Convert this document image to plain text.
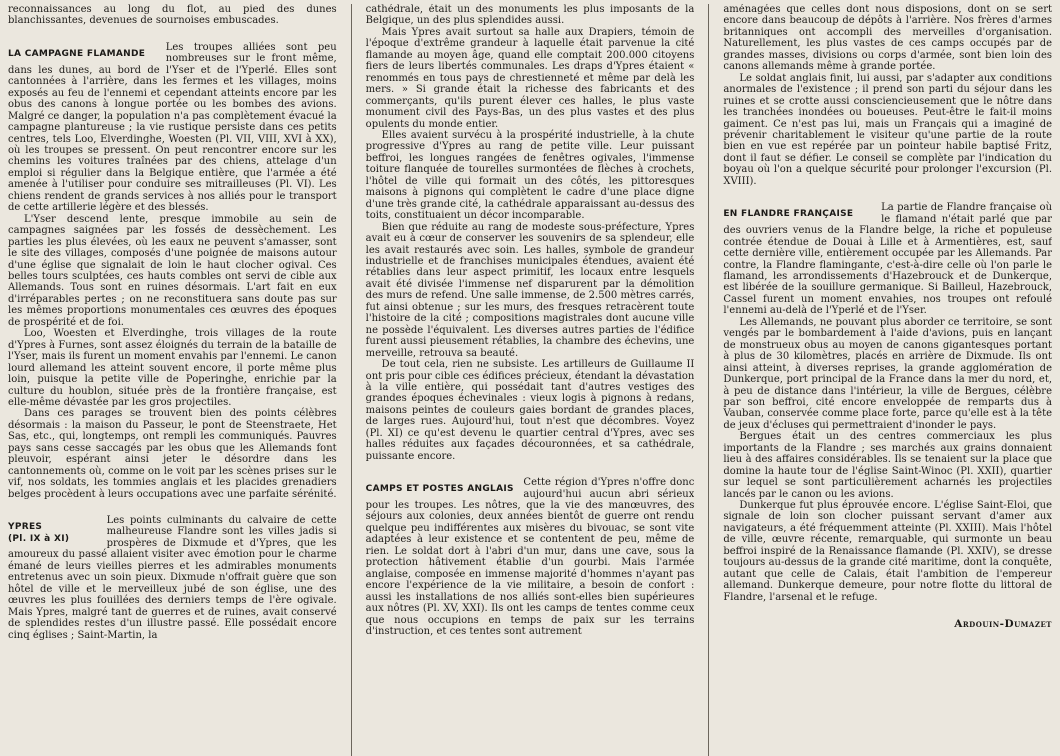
reconnaissances au long du flot, au pied des dunes blanchissantes, devenues de sournoises embuscades.

LA CAMPAGNE FLAMANDE

Les troupes alliées sont peu nombreuses sur le front même, dans les dunes, au bord de l'Yser et de l'Yperlé. Elles sont cantonnées à l'arrière, dans les fermes et les villages, moins exposés au feu de l'ennemi et cependant atteints encore par les obus des canons à longue portée ou les bombes des avions. Malgré ce danger, la population n'a pas complètement évacué la campagne plantureuse ; la vie rustique persiste dans ces petits centres, tels Loo, Elverdinghe, Woesten (Pl. VII, VIII, XVI à XX), où les troupes se pressent. On peut rencontrer encore sur les chemins les voitures traînées par des chiens, attelage d'un emploi si régulier dans la Belgique entière, que l'armée a été amenée à l'utiliser pour conduire ses mitrailleuses (Pl. VI). Les chiens rendent de grands services à nos alliés pour le transport de cette artillerie légère et des blessés.

L'Yser descend lente, presque immobile au sein de campagnes saignées par les fossés de dessèchement. Les parties les plus élevées, où les eaux ne peuvent s'amasser, sont le site des villages, composés d'une poignée de maisons autour d'une église que signalait de loin le haut clocher ogival. Ces belles tours sculptées, ces hauts combles ont servi de cible aux Allemands. Tous sont en ruines désormais. L'art fait en eux d'irréparables pertes ; on ne reconstituera sans doute pas sur les mêmes proportions monumentales ces œuvres des époques de prospérité et de foi.

Loo, Woesten et Elverdinghe, trois villages de la route d'Ypres à Furnes, sont assez éloignés du terrain de la bataille de l'Yser, mais ils furent un moment envahis par l'ennemi. Le canon lourd allemand les atteint souvent encore, il porte même plus loin, puisque la petite ville de Poperinghe, enrichie par la culture du houblon, située près de la frontière française, est elle-même dévastée par les gros projectiles.

Dans ces parages se trouvent bien des points célèbres désormais : la maison du Passeur, le pont de Steenstraete, Het Sas, etc., qui, longtemps, ont rempli les communiqués. Pauvres pays sans cesse saccagés par les obus que les Allemands font pleuvoir, espérant ainsi jeter le désordre dans les cantonnements où, comme on le voit par les scènes prises sur le vif, nos soldats, les tommies anglais et les placides grenadiers belges procèdent à leurs occupations avec une parfaite sérénité.

YPRES
(Pl. IX à XI)

Les points culminants du calvaire de cette malheureuse Flandre sont les villes jadis si prospères de Dixmude et d'Ypres, que les amoureux du passé allaient visiter avec émotion pour le charme émané de leurs vieilles pierres et les admirables monuments entretenus avec un soin pieux. Dixmude n'offrait guère que son hôtel de ville et le merveilleux jubé de son église, une des œuvres les plus fouillées des derniers temps de l'ère ogivale. Mais Ypres, malgré tant de guerres et de ruines, avait conservé de splendides restes d'un illustre passé. Elle possédait encore cinq églises ; Saint-Martin, la

cathédrale, était un des monuments les plus imposants de la Belgique, un des plus splendides aussi.

Mais Ypres avait surtout sa halle aux Drapiers, témoin de l'époque d'extrême grandeur à laquelle était parvenue la cité flamande au moyen âge, quand elle comptait 200.000 citoyens fiers de leurs libertés communales. Les draps d'Ypres étaient « renommés en tous pays de chrestienneté et même par delà les mers. » Si grande était la richesse des fabricants et des commerçants, qu'ils purent élever ces halles, le plus vaste monument civil des Pays-Bas, un des plus vastes et des plus opulents du monde entier.

Elles avaient survécu à la prospérité industrielle, à la chute progressive d'Ypres au rang de petite ville. Leur puissant beffroi, les longues rangées de fenêtres ogivales, l'immense toiture flanquée de tourelles surmontées de flèches à crochets, l'hôtel de ville qui formait un des côtés, les pittoresques maisons à pignons qui complètent le cadre d'une place digne d'une très grande cité, la cathédrale apparaissant au-dessus des toits, constituaient un décor incomparable.

Bien que réduite au rang de modeste sous-préfecture, Ypres avait eu à cœur de conserver les souvenirs de sa splendeur, elle les avait restaurés avec soin. Les halles, symbole de grandeur industrielle et de franchises municipales étendues, avaient été rétablies dans leur aspect primitif, les locaux entre lesquels avait été divisée l'immense nef disparurent par la démolition des murs de refend. Une salle immense, de 2.500 mètres carrés, fut ainsi obtenue ; sur les murs, des fresques retracèrent toute l'histoire de la cité ; compositions magistrales dont aucune ville ne possède l'équivalent. Les diverses autres parties de l'édifice furent aussi pieusement rétablies, la chambre des échevins, une merveille, retrouva sa beauté.

De tout cela, rien ne subsiste. Les artilleurs de Guillaume II ont pris pour cible ces édifices précieux, étendant la dévastation à la ville entière, qui possédait tant d'autres vestiges des grandes époques échevinales : vieux logis à pignons à redans, maisons peintes de couleurs gaies bordant de grandes places, de larges rues. Aujourd'hui, tout n'est que décombres. Voyez (Pl. XI) ce qu'est devenu le quartier central d'Ypres, avec ses halles réduites aux façades découronnées, et sa cathédrale, puissante encore.

CAMPS ET POSTES ANGLAIS

Cette région d'Ypres n'offre donc aujourd'hui aucun abri sérieux pour les troupes. Les nôtres, que la vie des manœuvres, des séjours aux colonies, deux années bientôt de guerre ont rendu quelque peu indifférentes aux misères du bivouac, se sont vite adaptées à leur existence et se contentent de peu, même de rien. Le soldat dort à l'abri d'un mur, dans une cave, sous la protection hâtivement établie d'un gourbi. Mais l'armée anglaise, composée en immense majorité d'hommes n'ayant pas encore l'expérience de la vie militaire, a besoin de confort : aussi les installations de nos alliés sont-elles bien supérieures aux nôtres (Pl. XV, XXI). Ils ont les camps de tentes comme ceux que nous occupions en temps de paix sur les terrains d'instruction, et ces tentes sont autrement

aménagées que celles dont nous disposions, dont on se sert encore dans beaucoup de dépôts à l'arrière. Nos frères d'armes britanniques ont accompli des merveilles d'organisation. Naturellement, les plus vastes de ces camps occupés par de grandes masses, divisions ou corps d'armée, sont bien loin des canons allemands même à grande portée.

Le soldat anglais finit, lui aussi, par s'adapter aux conditions anormales de l'existence ; il prend son parti du séjour dans les ruines et se crotte aussi consciencieusement que le nôtre dans les tranchées inondées ou boueuses. Peut-être le fait-il moins gaiment. Ce n'est pas lui, mais un Français qui a imaginé de prévenir charitablement le visiteur qu'une partie de la route bien en vue est repérée par un pointeur habile baptisé Fritz, dont il faut se défier. Le conseil se complète par l'indication du boyau où l'on a quelque sécurité pour prolonger l'excursion (Pl. XVIII).

EN FLANDRE FRANÇAISE

La partie de Flandre française où le flamand n'était parlé que par des ouvriers venus de la Flandre belge, la riche et populeuse contrée étendue de Douai à Lille et à Armentières, est, sauf cette dernière ville, entièrement occupée par les Allemands. Par contre, la Flandre flamingante, c'est-à-dire celle où l'on parle le flamand, les arrondissements d'Hazebrouck et de Dunkerque, est libérée de la souillure germanique. Si Bailleul, Hazebrouck, Cassel furent un moment envahies, nos troupes ont refoulé l'ennemi au-delà de l'Yperlé et de l'Yser.

Les Allemands, ne pouvant plus aborder ce territoire, se sont vengés par le bombardement à l'aide d'avions, puis en lançant de monstrueux obus au moyen de canons gigantesques portant à plus de 30 kilomètres, placés en arrière de Dixmude. Ils ont ainsi atteint, à diverses reprises, la grande agglomération de Dunkerque, port principal de la France dans la mer du nord, et, à peu de distance dans l'intérieur, la ville de Bergues, célèbre par son beffroi, cité encore enveloppée de remparts dus à Vauban, conservée comme place forte, parce qu'elle est à la tête de jeux d'écluses qui permettraient d'inonder le pays.

Bergues était un des centres commerciaux les plus importants de la Flandre ; ses marchés aux grains donnaient lieu à des affaires considérables. Ils se tenaient sur la place que domine la haute tour de l'église Saint-Winoc (Pl. XXII), quartier sur lequel se sont particulièrement acharnés les projectiles lancés par le canon ou les avions.

Dunkerque fut plus éprouvée encore. L'église Saint-Eloi, que signale de loin son clocher puissant servant d'amer aux navigateurs, a été fréquemment atteinte (Pl. XXIII). Mais l'hôtel de ville, œuvre récente, remarquable, qui surmonte un beau beffroi inspiré de la Renaissance flamande (Pl. XXIV), se dresse toujours au-dessus de la grande cité maritime, dont la conquête, autant que celle de Calais, était l'ambition de l'empereur allemand. Dunkerque demeure, pour notre flotte du littoral de Flandre, l'arsenal et le refuge.

Ardouin-Dumazet
